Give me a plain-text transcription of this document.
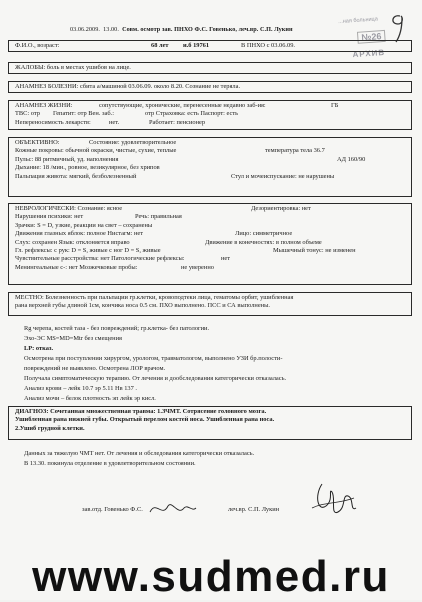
...ная больница
№26
АРХИВ
03.06.2009. 13.00. Совм. осмотр зав. ПНХО Ф.С. Говенько, леч.вр. С.П. Лукин
Ф.И.О., возраст:	68 лет и.б 19761	В ПНХО с 03.06.09.
ЖАЛОБЫ: боль в местах ушибов на лице.
АНАМНЕЗ БОЛЕЗНИ: сбита а/машиной 03.06.09. около 8.20. Сознание не теряла.
АНАМНЕЗ ЖИЗНИ:	сопутствующие, хронические, перенесенные недавно заб-ия:	ГБ
ТВС: отр Гепатит: отр Вен. заб.:	отр Страховка: есть Паспорт: есть
Непереносимость лекарств:	нет.	Работает: пенсионер
ОБЪЕКТИВНО:	Состояние: удовлетворительное
Кожные покровы: обычной окраски, чистые, сухие, теплые	температура тела 36.7
Пульс: 88 ритмичный, уд. наполнения	АД 160/90
Дыхание: 18 /мин., ровное, везикулярное, без хрипов
Пальпация живота: мягкий, безболезненный	Стул и мочеиспускание: не нарушены
НЕВРОЛОГИЧЕСКИ: Сознание: ясное	Дезориентировка: нет
Нарушения психики: нет	Речь: правильная
Зрачки: S = D, узкие, реакции на свет – сохранены
Движения глазных яблок: полное Нистагм: нет	Лицо: симметричное
Слух: сохранен Язык: отклоняется вправо	Движение в конечностях: в полном объеме
Гл. рефлексы: с рук: D = S, живые с ног D = S, живые	Мышечный тонус: не изменен
Чувствительные расстройства: нет Патологические рефлексы:	нет
Менингеальные с-: нет Мозжечковые пробы:	не уверенно
МЕСТНО: Болезненность при пальпации гр.клетки, кровоподтеки лица, гематомы орбит, ушибленная
рана верхней губы длиной 1см, кончика носа 0.5 см. ПХО выполнено. ПСС и СА выполнены.
Rg черепа, костей таза - без повреждений; гр.клетка- без патологии.
Эхо-ЭС MS=MD=Mtr без смещения
LP: отказ.
Осмотрена при поступлении хирургом, урологом, травматологом, выполнено УЗИ бр.полости-
повреждений не выявлено. Осмотрена ЛОР врачом.
Получала симптоматическую терапию. От лечения и дообследования категорически отказалась.
Анализ крови – лейк 10.7 эр 5.11 Нв 137 .
Анализ мочи – белок плотность эп лейк эр кисл.
ДИАГНОЗ: Сочетанная множественная травма: 1.ЗЧМТ. Сотрясение головного мозга.
Ушибленная рана нижней губы. Открытый перелом костей носа. Ушибленная рана носа.
2.Ушиб грудной клетки.
Данных за тяжелую ЧМТ нет. От лечения и обследования категорически отказалась.
В 13.30. покинула отделение в удовлетворительном состоянии.
зав.отд. Говенько Ф.С.	леч.вр. С.П. Лукин
www.sudmed.ru
